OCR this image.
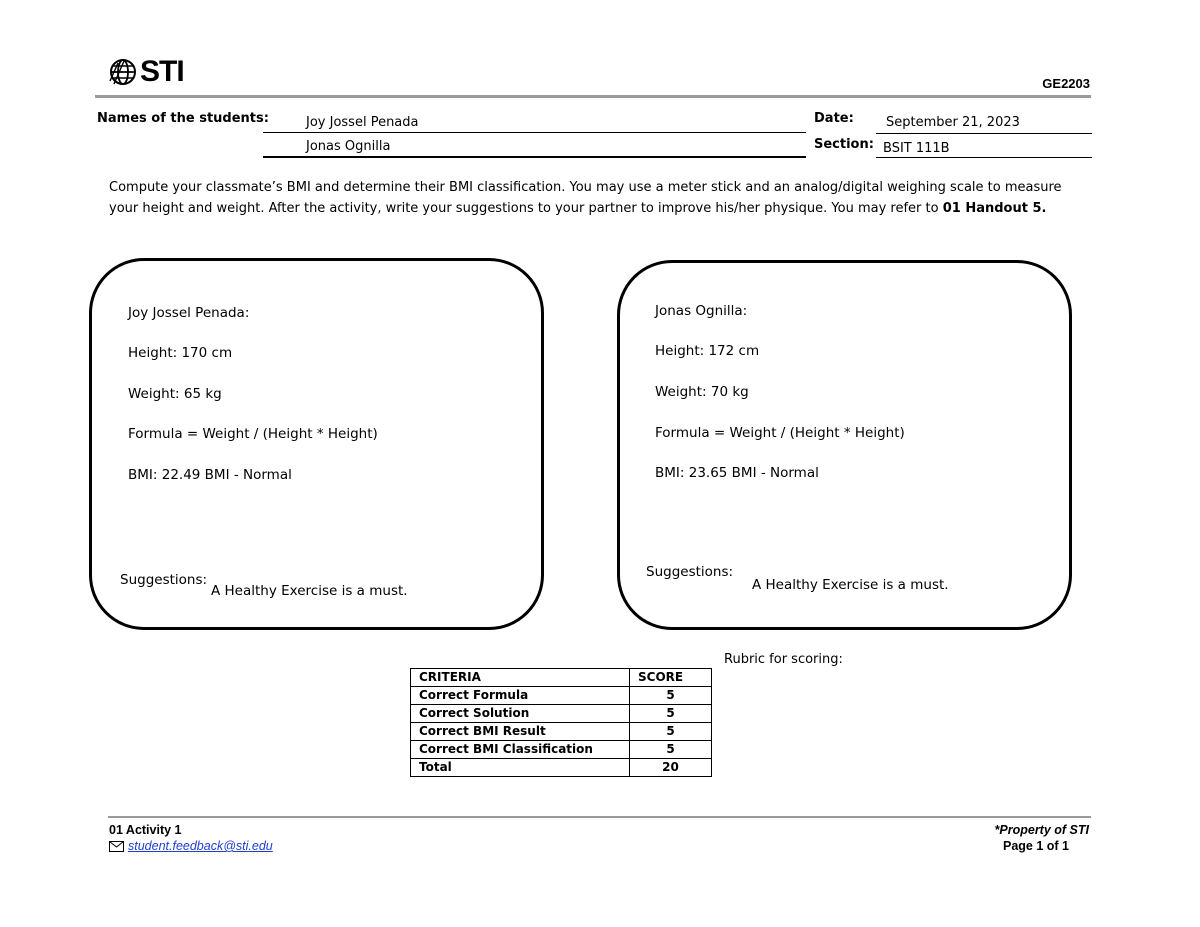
STI	GE2203
Names of the students:	Joy Jossel Penada
Jonas Ognilla
Date: September 21, 2023
Section: BSIT 111B
Compute your classmate’s BMI and determine their BMI classification. You may use a meter stick and an analog/digital weighing scale to measure your height and weight. After the activity, write your suggestions to your partner to improve his/her physique. You may refer to 01 Handout 5.
Joy Jossel Penada:
Height: 170 cm
Weight: 65 kg
Formula = Weight / (Height * Height)
BMI: 22.49 BMI - Normal
Suggestions:
A Healthy Exercise is a must.
Jonas Ognilla:
Height: 172 cm
Weight: 70 kg
Formula = Weight / (Height * Height)
BMI: 23.65 BMI - Normal
Suggestions:
A Healthy Exercise is a must.
Rubric for scoring:
CRITERIA	SCORE
Correct Formula	5
Correct Solution	5
Correct BMI Result	5
Correct BMI Classification	5
Total	20
01 Activity 1
student.feedback@sti.edu
*Property of STI
Page 1 of 1
